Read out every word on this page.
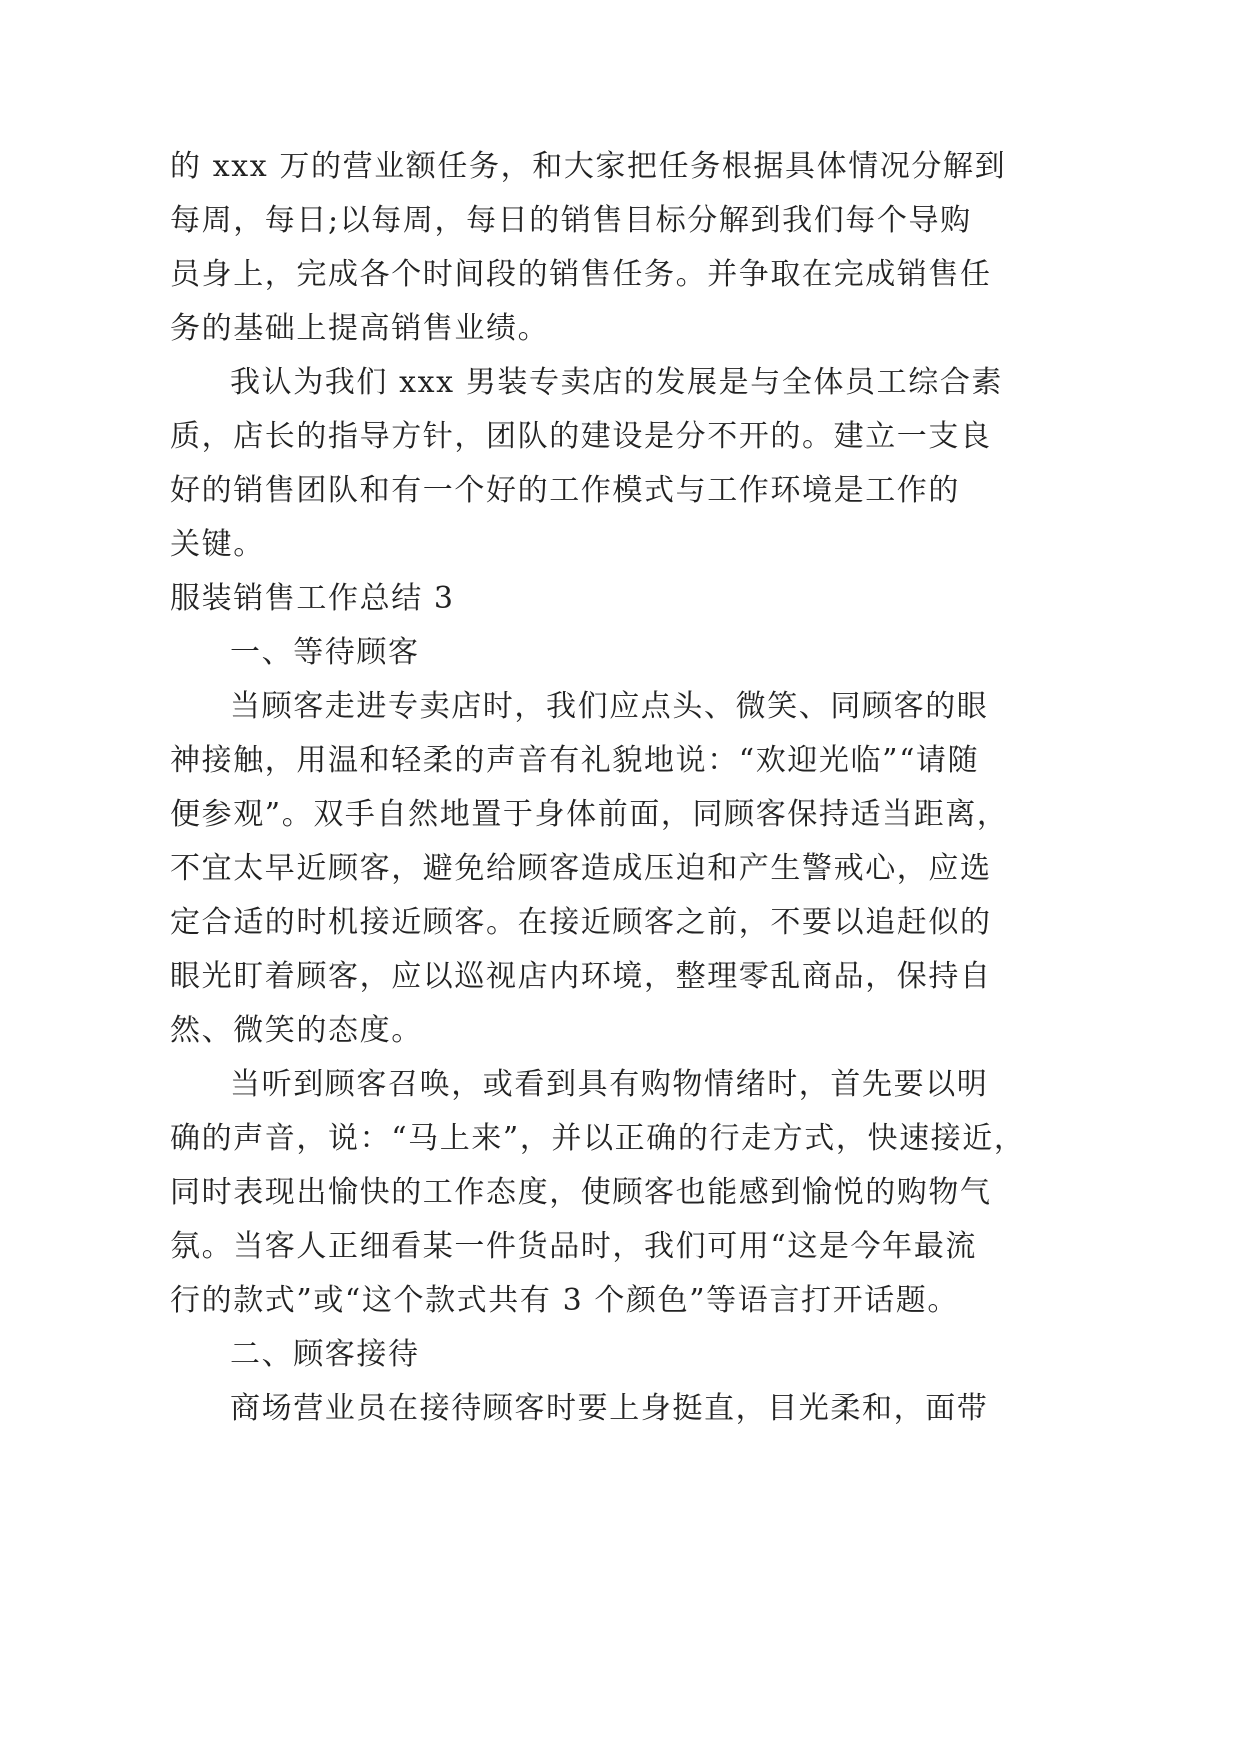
的 xxx 万的营业额任务，和大家把任务根据具体情况分解到
每周，每日;以每周，每日的销售目标分解到我们每个导购
员身上，完成各个时间段的销售任务。并争取在完成销售任
务的基础上提高销售业绩。
我认为我们 xxx 男装专卖店的发展是与全体员工综合素
质，店长的指导方针，团队的建设是分不开的。建立一支良
好的销售团队和有一个好的工作模式与工作环境是工作的
关键。
服装销售工作总结 3
一、等待顾客
当顾客走进专卖店时，我们应点头、微笑、同顾客的眼
神接触，用温和轻柔的声音有礼貌地说：“欢迎光临”“请随
便参观”。双手自然地置于身体前面，同顾客保持适当距离，
不宜太早近顾客，避免给顾客造成压迫和产生警戒心，应选
定合适的时机接近顾客。在接近顾客之前，不要以追赶似的
眼光盯着顾客，应以巡视店内环境，整理零乱商品，保持自
然、微笑的态度。
当听到顾客召唤，或看到具有购物情绪时，首先要以明
确的声音，说：“马上来”，并以正确的行走方式，快速接近，
同时表现出愉快的工作态度，使顾客也能感到愉悦的购物气
氛。当客人正细看某一件货品时，我们可用“这是今年最流
行的款式”或“这个款式共有 3 个颜色”等语言打开话题。
二、顾客接待
商场营业员在接待顾客时要上身挺直，目光柔和，面带
